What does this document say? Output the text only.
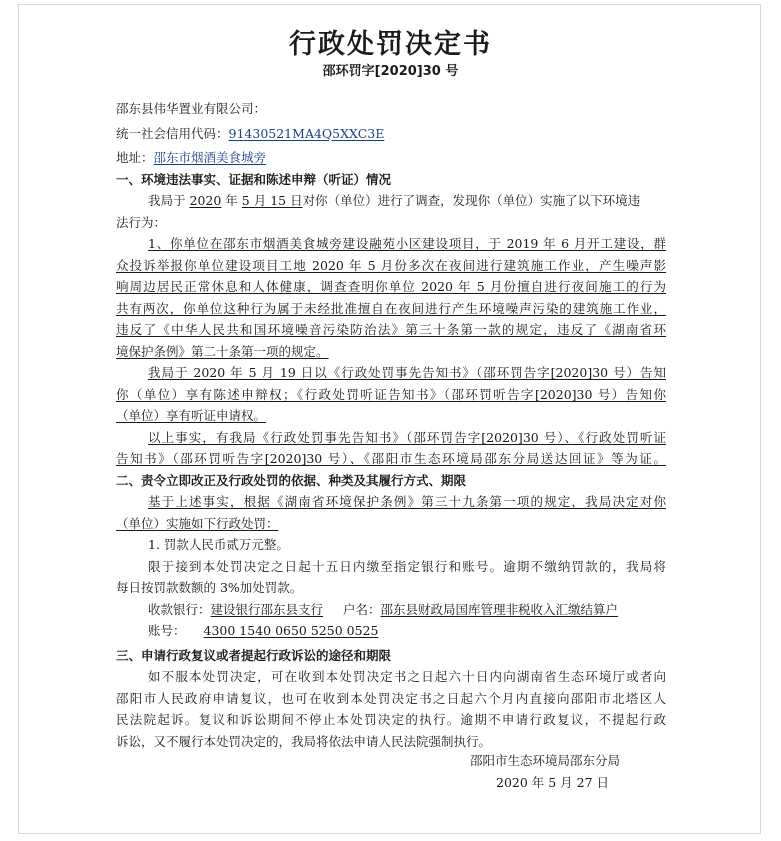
行政处罚决定书
邵环罚字[2020]30 号
邵东县伟华置业有限公司：
统一社会信用代码：91430521MA4Q5XXC3E
地址：邵东市烟酒美食城旁
一、环境违法事实、证据和陈述申辩（听证）情况
我局于 2020 年 5 月 15 日对你（单位）进行了调查，发现你（单位）实施了以下环境违
法行为：
1、你单位在邵东市烟酒美食城旁建设融苑小区建设项目，于 2019 年 6 月开工建设，群
众投诉举报你单位建设项目工地 2020 年 5 月份多次在夜间进行建筑施工作业，产生噪声影
响周边居民正常休息和人体健康，调查查明你单位 2020 年 5 月份擅自进行夜间施工的行为
共有两次，你单位这种行为属于未经批准擅自在夜间进行产生环境噪声污染的建筑施工作业，
违反了《中华人民共和国环境噪音污染防治法》第三十条第一款的规定，违反了《湖南省环
境保护条例》第二十条第一项的规定。
我局于 2020 年 5 月 19 日以《行政处罚事先告知书》（邵环罚告字[2020]30 号）告知
你（单位）享有陈述申辩权；《行政处罚听证告知书》（邵环罚听告字[2020]30 号）告知你
（单位）享有听证申请权。
以上事实，有我局《行政处罚事先告知书》（邵环罚告字[2020]30 号）、《行政处罚听证
告知书》（邵环罚听告字[2020]30 号）、《邵阳市生态环境局邵东分局送达回证》等为证。
二、责令立即改正及行政处罚的依据、种类及其履行方式、期限
基于上述事实，根据《湖南省环境保护条例》第三十九条第一项的规定，我局决定对你
（单位）实施如下行政处罚：
1. 罚款人民币贰万元整。
限于接到本处罚决定之日起十五日内缴至指定银行和账号。逾期不缴纳罚款的，我局将
每日按罚款数额的 3%加处罚款。
收款银行：建设银行邵东县支行 户名：邵东县财政局国库管理非税收入汇缴结算户
账号： 4300 1540 0650 5250 0525
三、申请行政复议或者提起行政诉讼的途径和期限
如不服本处罚决定，可在收到本处罚决定书之日起六十日内向湖南省生态环境厅或者向
邵阳市人民政府申请复议，也可在收到本处罚决定书之日起六个月内直接向邵阳市北塔区人
民法院起诉。复议和诉讼期间不停止本处罚决定的执行。逾期不申请行政复议，不提起行政
诉讼，又不履行本处罚决定的，我局将依法申请人民法院强制执行。
邵阳市生态环境局邵东分局
2020 年 5 月 27 日
